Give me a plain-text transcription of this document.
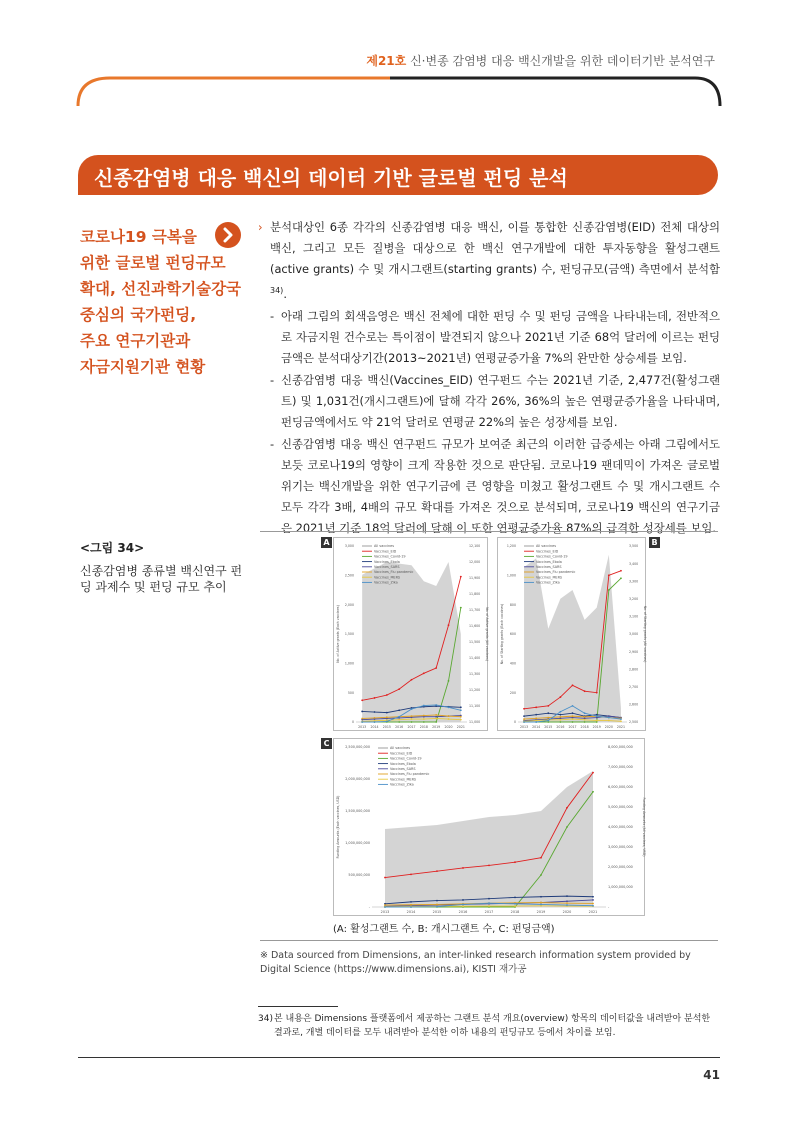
제21호 신·변종 감염병 대응 백신개발을 위한 데이터기반 분석연구
신종감염병 대응 백신의 데이터 기반 글로벌 펀딩 분석
코로나19 극복을
위한 글로벌 펀딩규모
확대, 선진과학기술강국
중심의 국가펀딩,
주요 연구기관과
자금지원기관 현황
› 분석대상인 6종 각각의 신종감염병 대응 백신, 이를 통합한 신종감염병(EID) 전체 대상의 백신, 그리고 모든 질병을 대상으로 한 백신 연구개발에 대한 투자동향을 활성그랜트(active grants) 수 및 개시그랜트(starting grants) 수, 펀딩규모(금액) 측면에서 분석함$^{34)}$.
- 아래 그림의 회색음영은 백신 전체에 대한 펀딩 수 및 펀딩 금액을 나타내는데, 전반적으로 자금지원 건수로는 특이점이 발견되지 않으나 2021년 기준 68억 달러에 이르는 펀딩 금액은 분석대상기간(2013~2021년) 연평균증가율 7%의 완만한 상승세를 보임.
- 신종감염병 대응 백신(Vaccines_EID) 연구펀드 수는 2021년 기준, 2,477건(활성그랜트) 및 1,031건(개시그랜트)에 달해 각각 26%, 36%의 높은 연평균증가율을 나타내며, 펀딩금액에서도 약 21억 달러로 연평균 22%의 높은 성장세를 보임.
- 신종감염병 대응 백신 연구펀드 규모가 보여준 최근의 이러한 급증세는 아래 그림에서도 보듯 코로나19의 영향이 크게 작용한 것으로 판단됨. 코로나19 팬데믹이 가져온 글로벌 위기는 백신개발을 위한 연구기금에 큰 영향을 미쳤고 활성그랜트 수 및 개시그랜트 수 모두 각각 3배, 4배의 규모 확대를 가져온 것으로 분석되며, 코로나19 백신의 연구기금은 2021년 기준 18억 달러에 달해 이 또한 연평균증가율 87%의 급격한 성장세를 보임.
<그림 34>
신종감염병 종류별 백신연구 펀딩 과제수 및 펀딩 규모 추이
A	B
C
No. of Active grants (Each vaccines)	No. of Active grants (All vaccines)
0
500
1,000
1,500
2,000
2,500
3,000
11,000
11,100
11,200
11,300
11,400
11,500
11,600
11,700
11,800
11,900
12,000
12,100
2013 2014 2015 2016 2017 2018 2019 2020 2021
All vaccines
Vaccines_EID
Vaccines_Covid-19
Vaccines_Ebola
Vaccines_SARS
Vaccines_Flu pandemic
Vaccines_MERS
Vaccines_Zika
No. of Starting grants (Each vaccines)	No. of Starting grants (All vaccines)
0
200
400
600
800
1,000
1,200
2,500
2,600
2,700
2,800
2,900
3,000
3,100
3,200
3,300
3,400
3,500
2013 2014 2015 2016 2017 2018 2019 2020 2021
All vaccines
Vaccines_EID
Vaccines_Covid-19
Vaccines_Ebola
Vaccines_SARS
Vaccines_Flu pandemic
Vaccines_MERS
Vaccines_Zika
Funding Amounts (Each vaccines, USD)	Funding Amounts (All vaccines, USD)
-
500,000,000
1,000,000,000
1,500,000,000
2,000,000,000
2,500,000,000
-
1,000,000,000
2,000,000,000
3,000,000,000
4,000,000,000
5,000,000,000
6,000,000,000
7,000,000,000
8,000,000,000
2013	2014	2015	2016	2017	2018	2019	2020	2021
All vaccines
Vaccines_EID
Vaccines_Covid-19
Vaccines_Ebola
Vaccines_SARS
Vaccines_Flu pandemic
Vaccines_MERS
Vaccines_Zika
(A: 활성그랜트 수, B: 개시그랜트 수, C: 펀딩금액)
※ Data sourced from Dimensions, an inter-linked research information system provided by Digital Science (https://www.dimensions.ai), KISTI 재가공
34) 본 내용은 Dimensions 플랫폼에서 제공하는 그랜트 분석 개요(overview) 항목의 데이터값을 내려받아 분석한 결과로, 개별 데이터를 모두 내려받아 분석한 이하 내용의 펀딩규모 등에서 차이를 보임.
41
